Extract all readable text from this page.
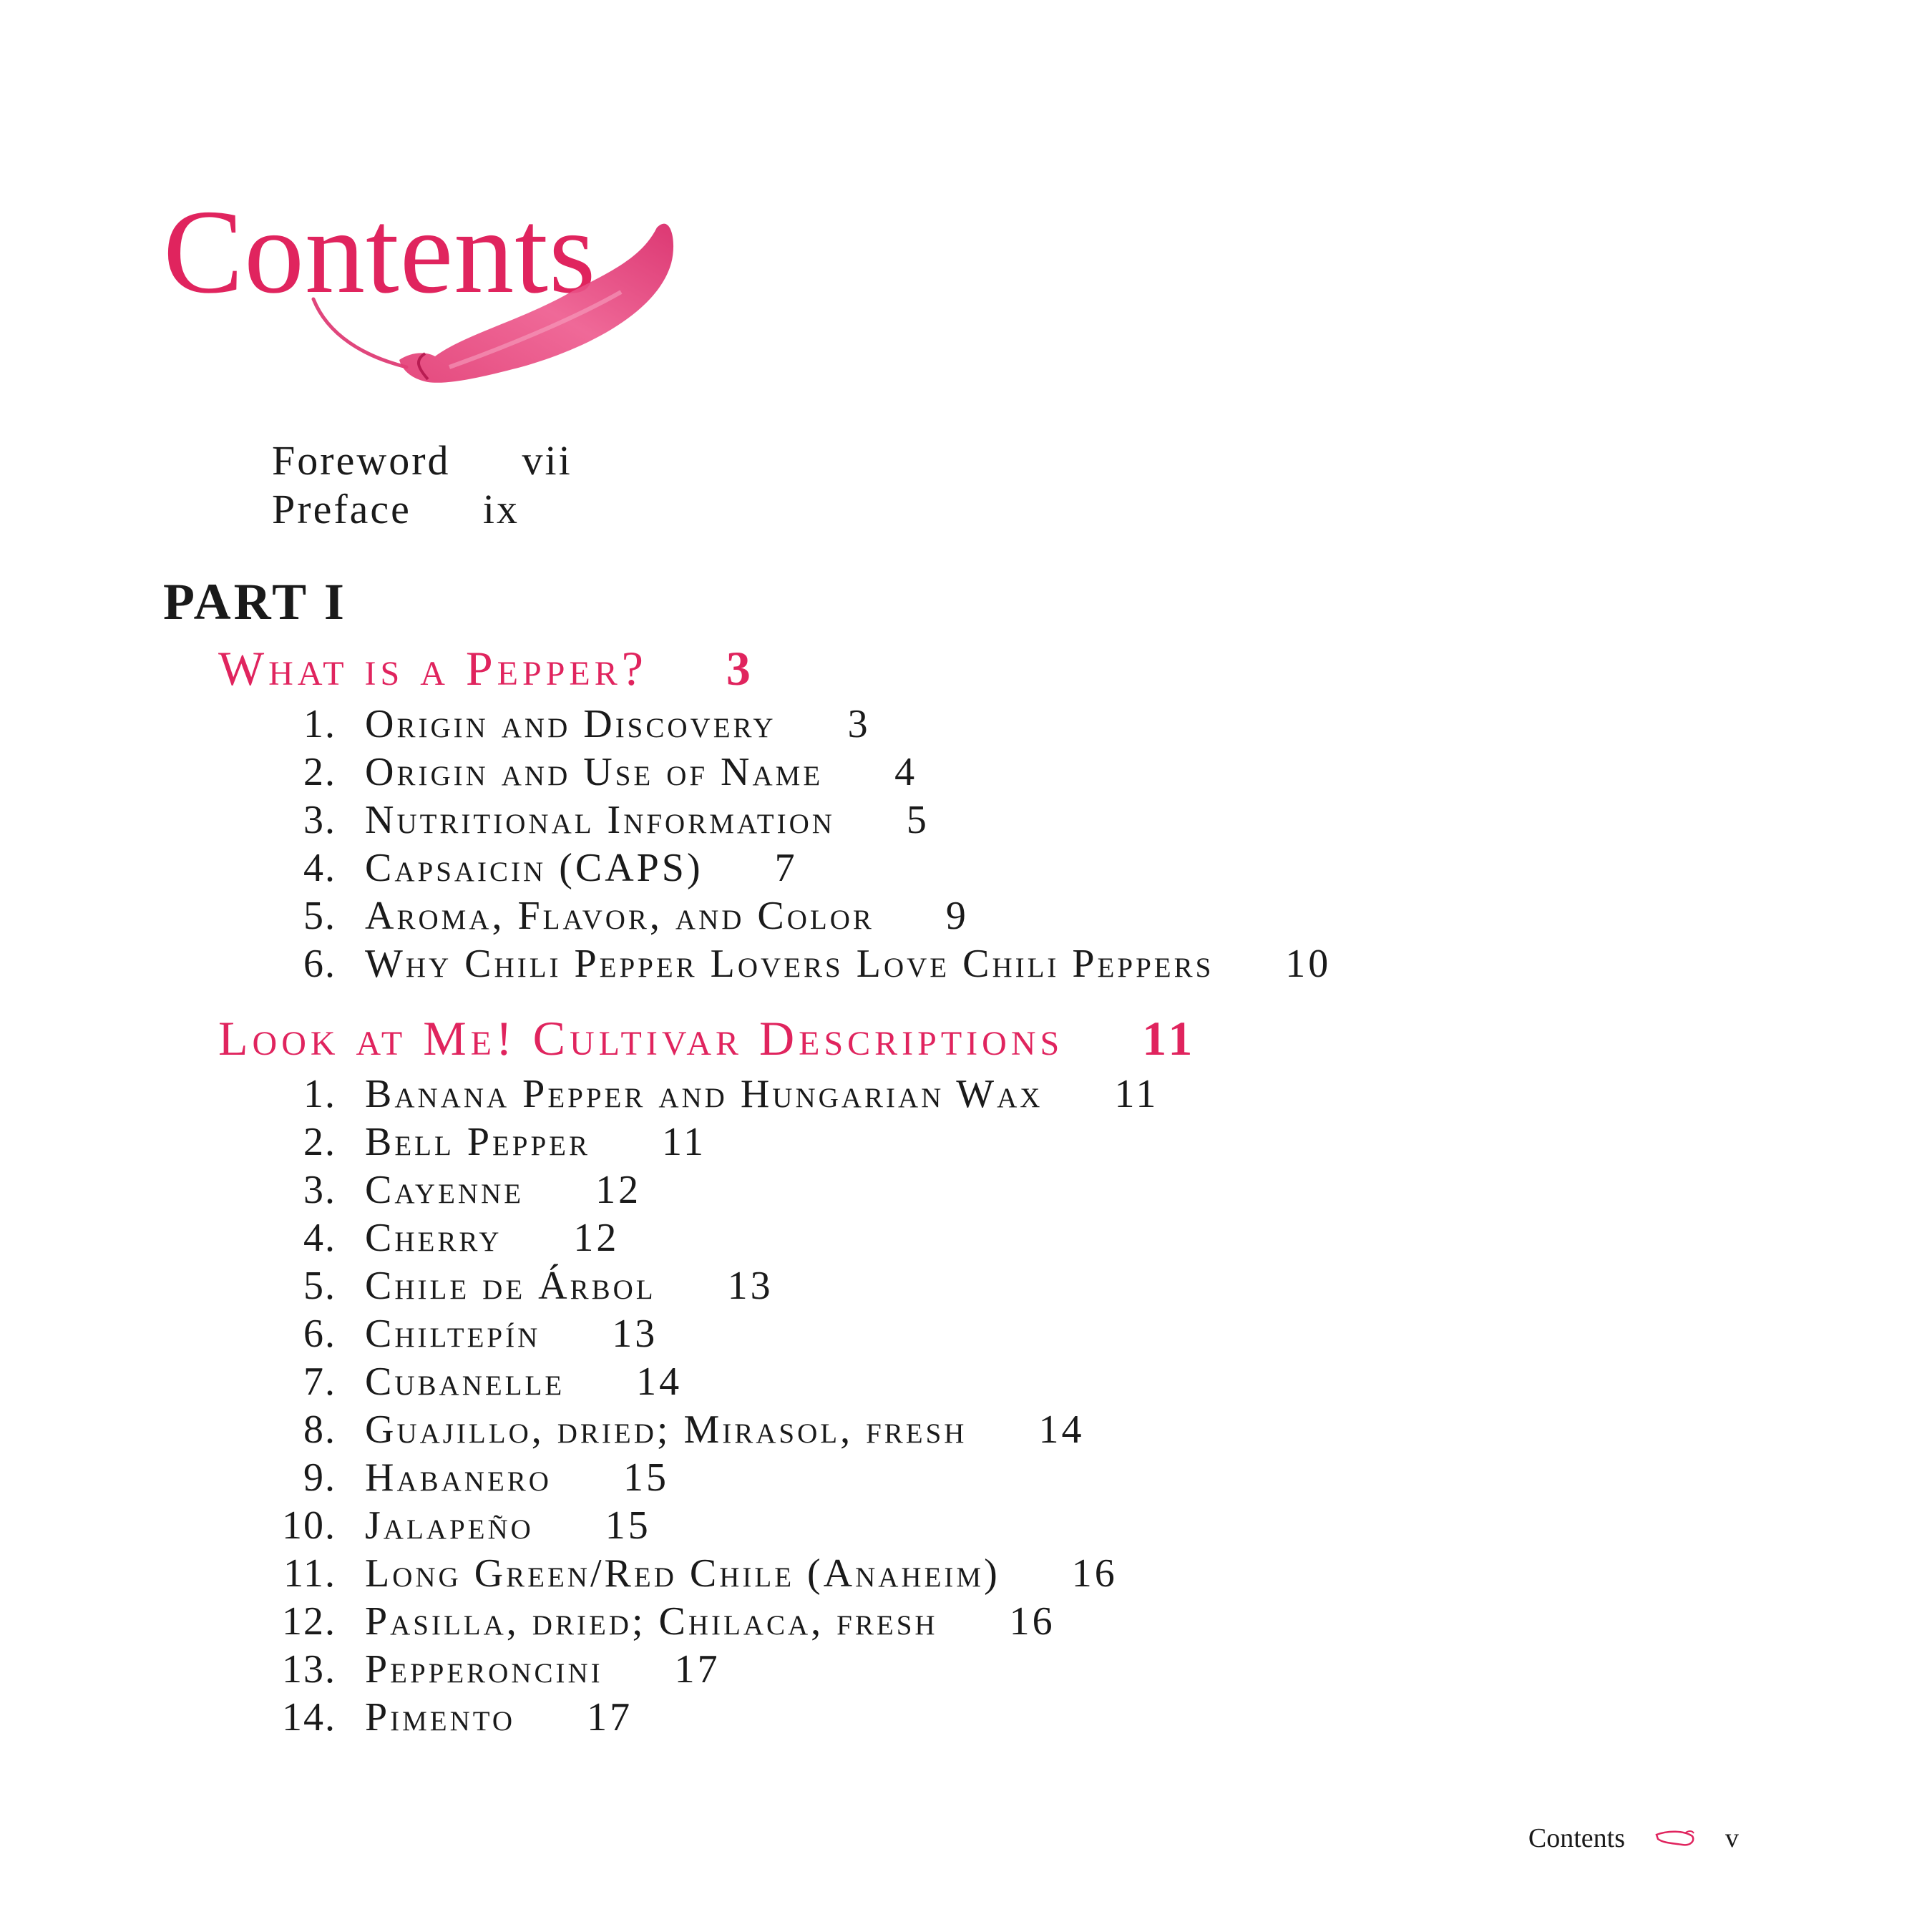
Contents
Foreword vii
Preface ix
PART I
What is a Pepper? 3
1. Origin and Discovery 3
2. Origin and Use of Name 4
3. Nutritional Information 5
4. Capsaicin (CAPS) 7
5. Aroma, Flavor, and Color 9
6. Why Chili Pepper Lovers Love Chili Peppers 10
Look at Me! Cultivar Descriptions 11
1. Banana Pepper and Hungarian Wax 11
2. Bell Pepper 11
3. Cayenne 12
4. Cherry 12
5. Chile de Árbol 13
6. Chiltepín 13
7. Cubanelle 14
8. Guajillo, dried; Mirasol, fresh 14
9. Habanero 15
10. Jalapeño 15
11. Long Green/Red Chile (Anaheim) 16
12. Pasilla, dried; Chilaca, fresh 16
13. Pepperoncini 17
14. Pimento 17
Contents	v
